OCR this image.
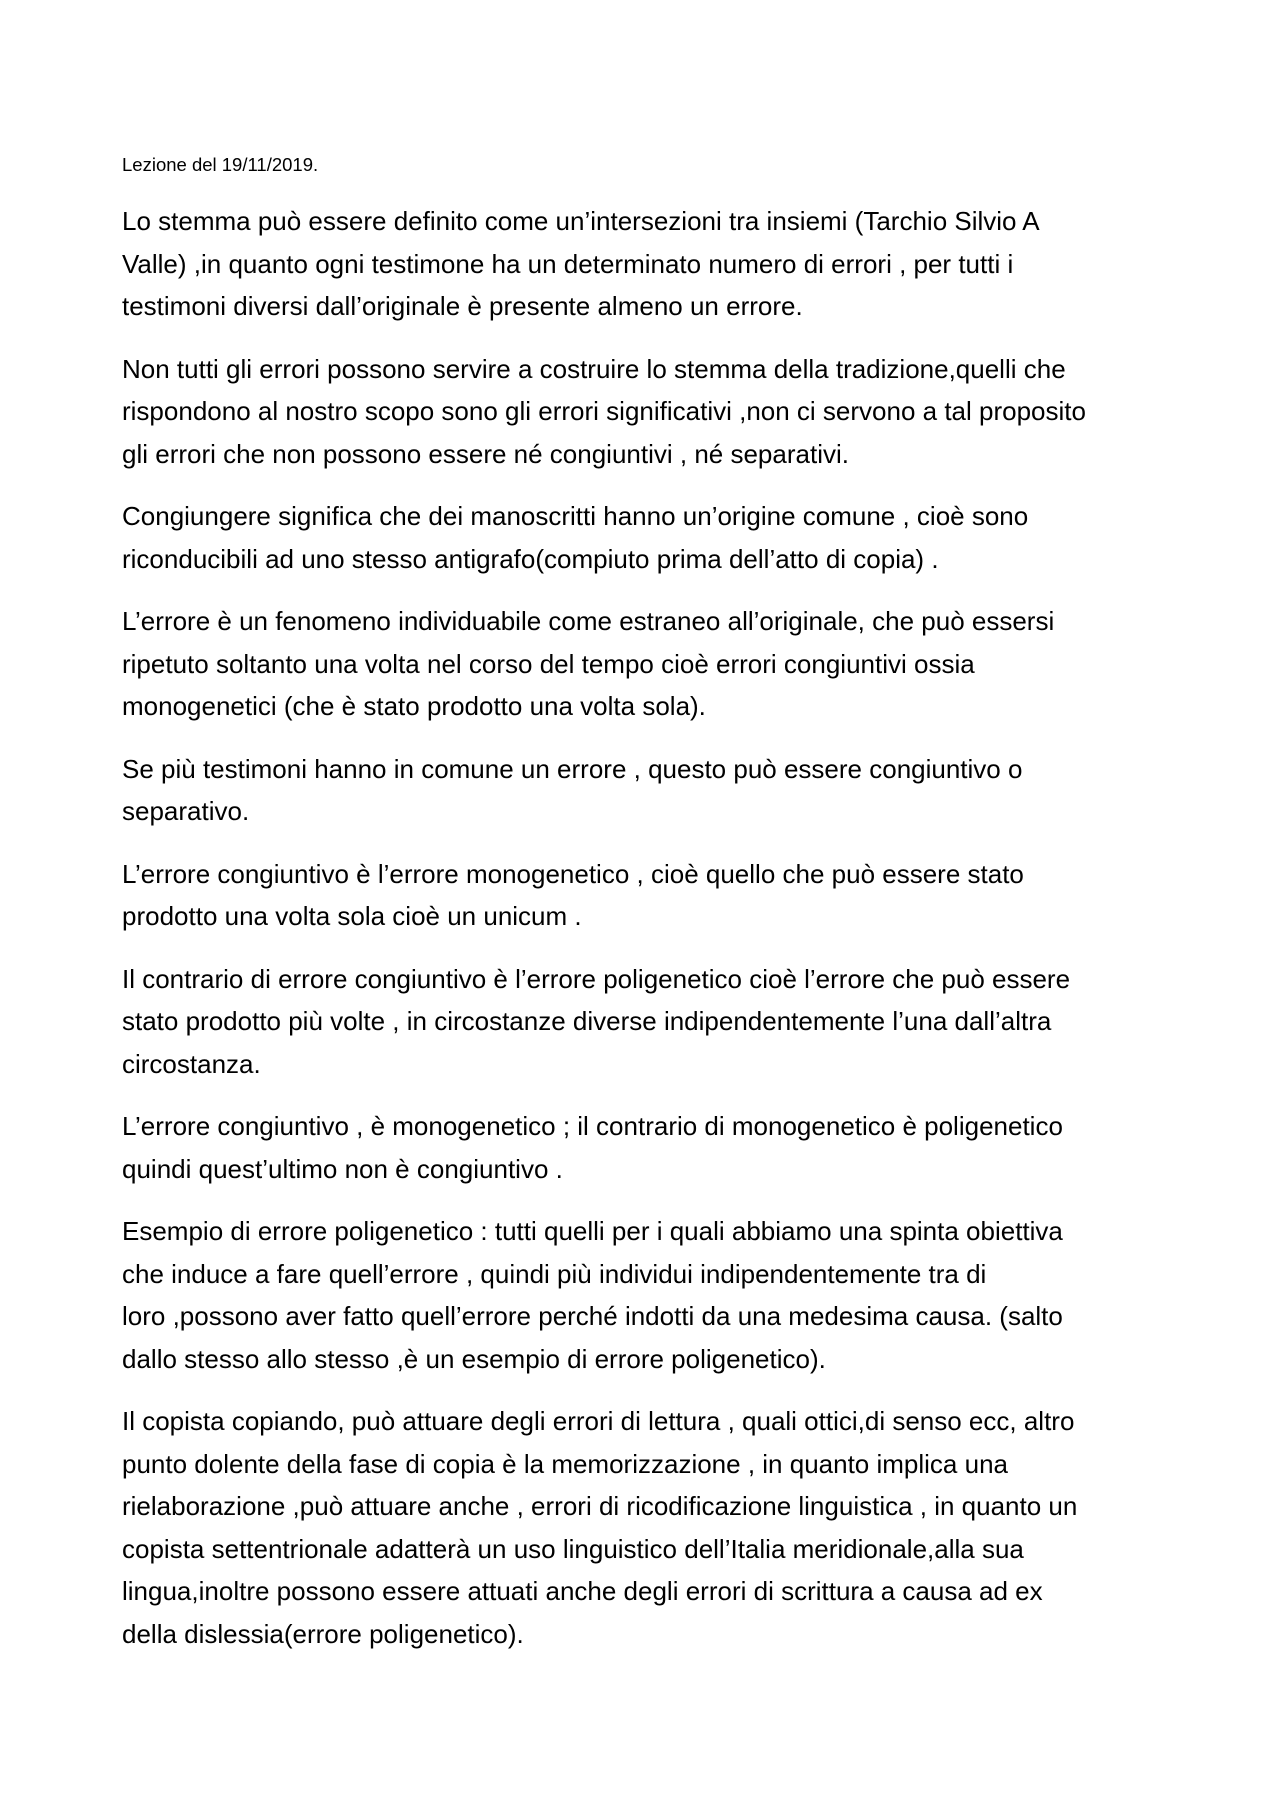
Lezione del 19/11/2019.
Lo stemma può essere definito come un’intersezioni tra insiemi (Tarchio Silvio A
Valle) ,in quanto ogni testimone ha un determinato numero di errori , per tutti i
testimoni diversi dall’originale è presente almeno un errore.
Non tutti gli errori possono servire a costruire lo stemma della tradizione,quelli che
rispondono al nostro scopo sono gli errori significativi ,non ci servono a tal proposito
gli errori che non possono essere né congiuntivi , né separativi.
Congiungere significa che dei manoscritti hanno un’origine comune , cioè sono
riconducibili ad uno stesso antigrafo(compiuto prima dell’atto di copia) .
L’errore è un fenomeno individuabile come estraneo all’originale, che può essersi
ripetuto soltanto una volta nel corso del tempo cioè errori congiuntivi ossia
monogenetici (che è stato prodotto una volta sola).
Se più testimoni hanno in comune un errore , questo può essere congiuntivo o
separativo.
L’errore congiuntivo è l’errore monogenetico , cioè quello che può essere stato
prodotto una volta sola cioè un unicum .
Il contrario di errore congiuntivo è l’errore poligenetico cioè l’errore che può essere
stato prodotto più volte , in circostanze diverse indipendentemente l’una dall’altra
circostanza.
L’errore congiuntivo , è monogenetico ; il contrario di monogenetico è poligenetico
quindi quest’ultimo non è congiuntivo .
Esempio di errore poligenetico : tutti quelli per i quali abbiamo una spinta obiettiva
che induce a fare quell’errore , quindi più individui indipendentemente tra di
loro ,possono aver fatto quell’errore perché indotti da una medesima causa. (salto
dallo stesso allo stesso ,è un esempio di errore poligenetico).
Il copista copiando, può attuare degli errori di lettura , quali ottici,di senso ecc, altro
punto dolente della fase di copia è la memorizzazione , in quanto implica una
rielaborazione ,può attuare anche , errori di ricodificazione linguistica , in quanto un
copista settentrionale adatterà un uso linguistico dell’Italia meridionale,alla sua
lingua,inoltre possono essere attuati anche degli errori di scrittura a causa ad ex
della dislessia(errore poligenetico).
